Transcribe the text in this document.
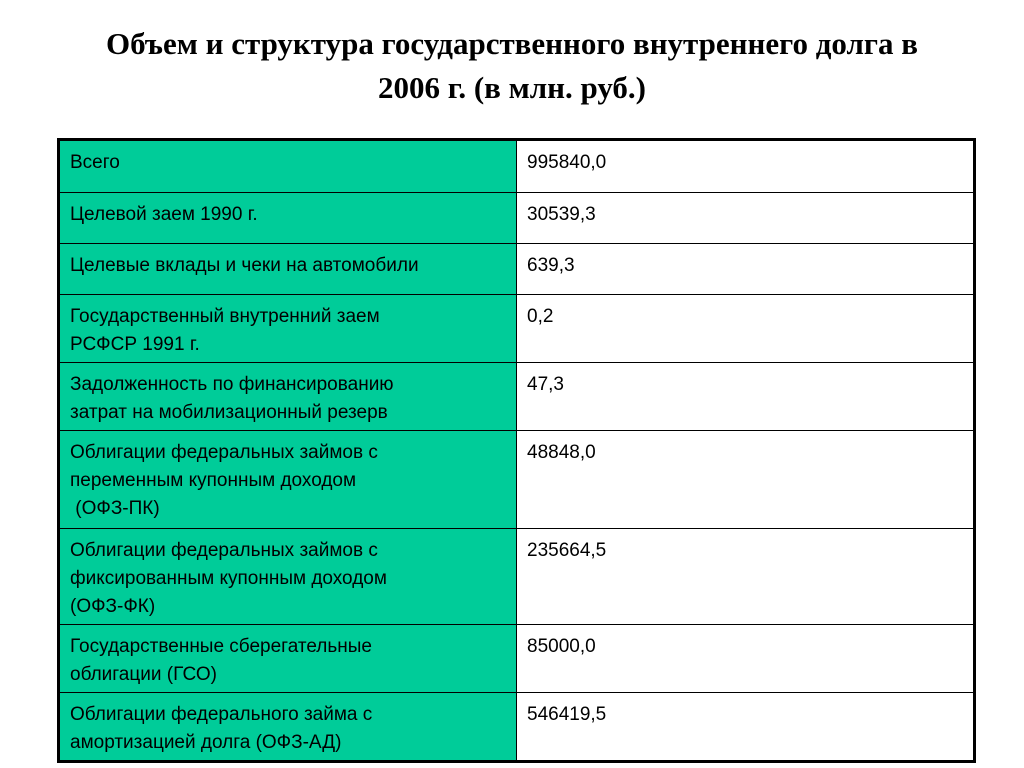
Объем и структура государственного внутреннего долга в
2006 г. (в млн. руб.)
Всего	995840,0

Целевой заем 1990 г.	30539,3

Целевые вклады и чеки на автомобили	639,3

Государственный внутренний заем
РСФСР 1991 г.	0,2

Задолженность по финансированию
затрат на мобилизационный резерв	47,3

Облигации федеральных займов с
переменным купонным доходом
(ОФЗ-ПК)	48848,0

Облигации федеральных займов с
фиксированным купонным доходом
(ОФЗ-ФК)	235664,5

Государственные сберегательные
облигации (ГСО)	85000,0

Облигации федерального займа с
амортизацией долга (ОФЗ-АД)	546419,5
